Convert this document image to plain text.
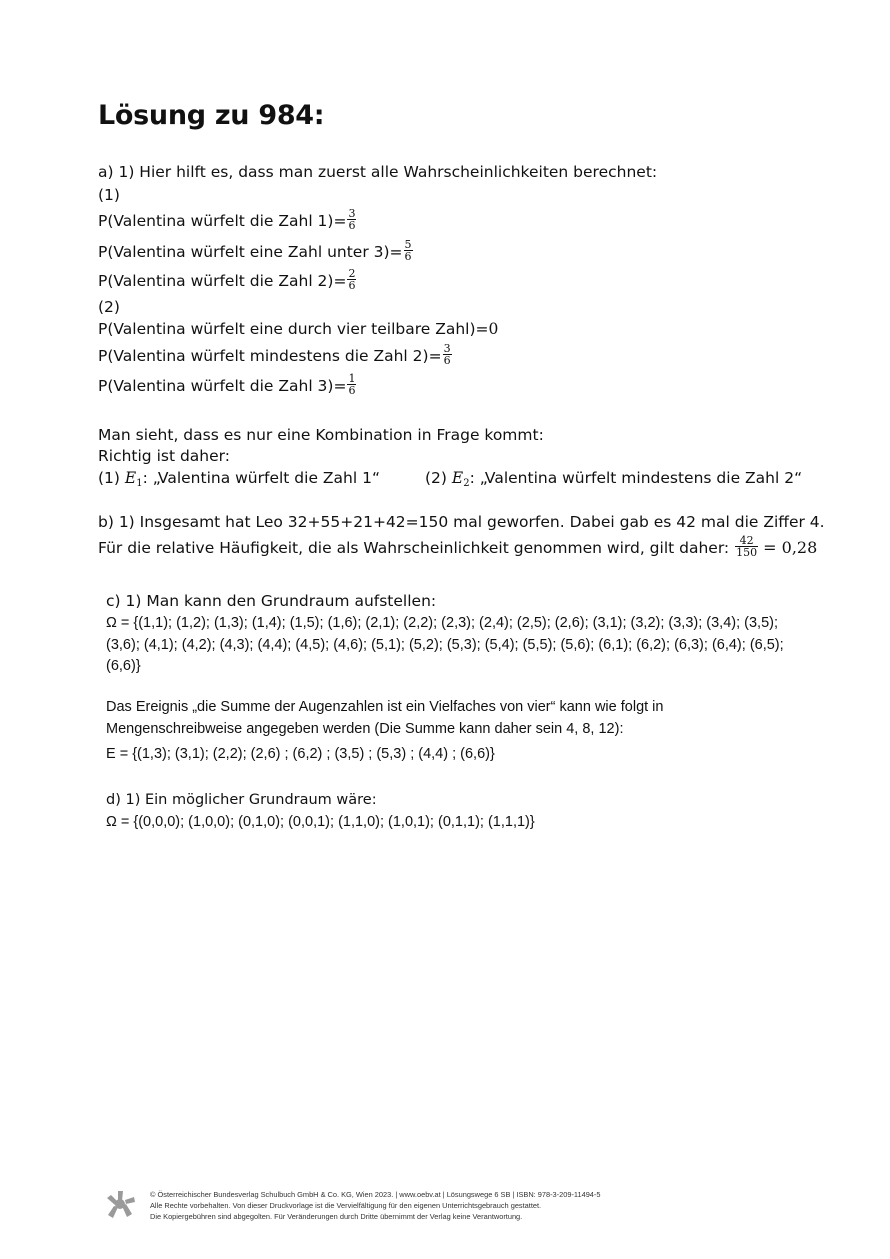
Lösung zu 984:
a) 1) Hier hilft es, dass man zuerst alle Wahrscheinlichkeiten berechnet:
(1)
P(Valentina würfelt die Zahl $1)= \frac{3}{6}$
P(Valentina würfelt eine Zahl unter $3)= \frac{5}{6}$
P(Valentina würfelt die Zahl $2)= \frac{2}{6}$
(2)
P(Valentina würfelt eine durch vier teilbare Zahl)=0
P(Valentina würfelt mindestens die Zahl $2)= \frac{3}{6}$
P(Valentina würfelt die Zahl $3)= \frac{1}{6}$
Man sieht, dass es nur eine Kombination in Frage kommt:
Richtig ist daher:
(1) $E_1$: „Valentina würfelt die Zahl 1“	(2) $E_2$: „Valentina würfelt mindestens die Zahl 2“
b) 1) Insgesamt hat Leo 32+55+21+42=150 mal geworfen. Dabei gab es 42 mal die Ziffer 4.
Für die relative Häufigkeit, die als Wahrscheinlichkeit genommen wird, gilt daher: $\frac{42}{150} = 0,28$
c) 1) Man kann den Grundraum aufstellen:
Ω = {(1,1); (1,2); (1,3); (1,4); (1,5); (1,6); (2,1); (2,2); (2,3); (2,4); (2,5); (2,6); (3,1); (3,2); (3,3); (3,4); (3,5);
(3,6); (4,1); (4,2); (4,3); (4,4); (4,5); (4,6); (5,1); (5,2); (5,3); (5,4); (5,5); (5,6); (6,1); (6,2); (6,3); (6,4); (6,5);
(6,6)}
Das Ereignis „die Summe der Augenzahlen ist ein Vielfaches von vier“ kann wie folgt in
Mengenschreibweise angegeben werden (Die Summe kann daher sein 4, 8, 12):
E = {(1,3); (3,1); (2,2); (2,6) ; (6,2) ; (3,5) ; (5,3) ; (4,4) ; (6,6)}
d) 1) Ein möglicher Grundraum wäre:
Ω = {(0,0,0); (1,0,0); (0,1,0); (0,0,1); (1,1,0); (1,0,1); (0,1,1); (1,1,1)}
© Österreichischer Bundesverlag Schulbuch GmbH & Co. KG, Wien 2023. | www.oebv.at | Lösungswege 6 SB | ISBN: 978-3-209-11494-5
Alle Rechte vorbehalten. Von dieser Druckvorlage ist die Vervielfältigung für den eigenen Unterrichtsgebrauch gestattet.
Die Kopiergebühren sind abgegolten. Für Veränderungen durch Dritte übernimmt der Verlag keine Verantwortung.
